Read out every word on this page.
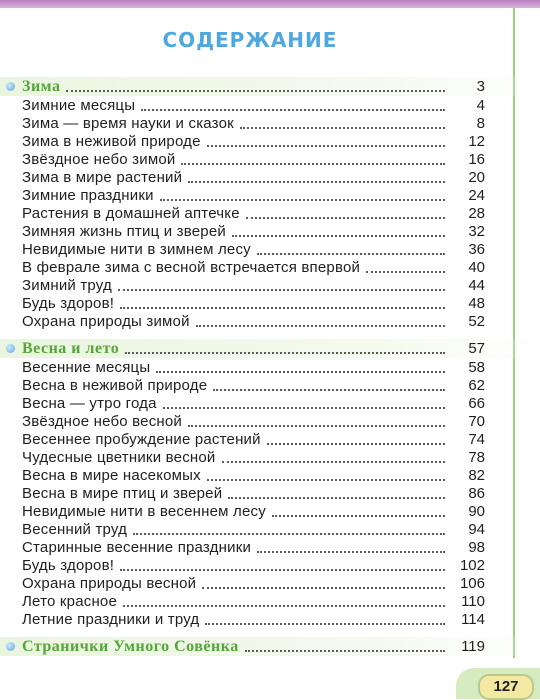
СОДЕРЖАНИЕ
Зима	3
Зимние месяцы	4
Зима — время науки и сказок	8
Зима в неживой природе	12
Звёздное небо зимой	16
Зима в мире растений	20
Зимние праздники	24
Растения в домашней аптечке	28
Зимняя жизнь птиц и зверей	32
Невидимые нити в зимнем лесу	36
В феврале зима с весной встречается впервой	40
Зимний труд	44
Будь здоров!	48
Охрана природы зимой	52
Весна и лето	57
Весенние месяцы	58
Весна в неживой природе	62
Весна — утро года	66
Звёздное небо весной	70
Весеннее пробуждение растений	74
Чудесные цветники весной	78
Весна в мире насекомых	82
Весна в мире птиц и зверей	86
Невидимые нити в весеннем лесу	90
Весенний труд	94
Старинные весенние праздники	98
Будь здоров!	102
Охрана природы весной	106
Лето красное	110
Летние праздники и труд	114
Странички Умного Совёнка	119
127
